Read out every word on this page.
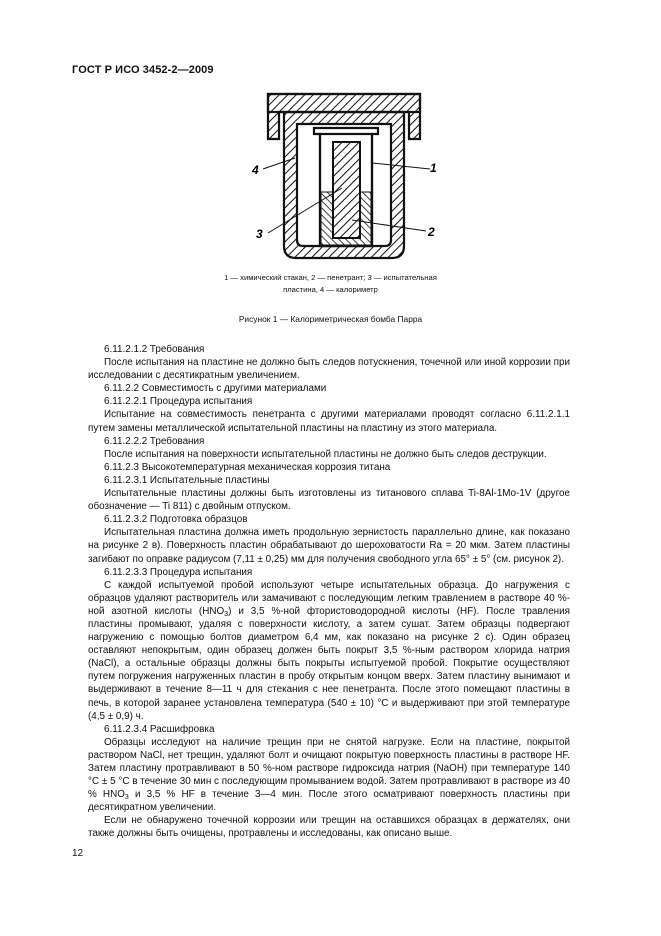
ГОСТ Р ИСО 3452-2—2009
4
3
1
2
1 — химический стакан, 2 — пенетрант; 3 — испытательная
пластина, 4 — калориметр
Рисунок 1 — Калориметрическая бомба Парра

6.11.2.1.2 Требования

После испытания на пластине не должно быть следов потускнения, точечной или иной коррозии при исследовании с десятикратным увеличением.

6.11.2.2 Совместимость с другими материалами

6.11.2.2.1 Процедура испытания

Испытание на совместимость пенетранта с другими материалами проводят согласно 6.11.2.1.1 путем замены металлической испытательной пластины на пластину из этого материала.

6.11.2.2.2 Требования

После испытания на поверхности испытательной пластины не должно быть следов деструкции.

6.11.2.3 Высокотемпературная механическая коррозия титана

6.11.2.3.1 Испытательные пластины

Испытательные пластины должны быть изготовлены из титанового сплава Ti-8Al-1Mo-1V (другое обозначение — Ti 811) с двойным отпуском.

6.11.2.3.2 Подготовка образцов

Испытательная пластина должна иметь продольную зернистость параллельно длине, как показано на рисунке 2 в). Поверхность пластин обрабатывают до шероховатости Ra = 20 мкм. Затем пластины загибают по оправке радиусом (7,11 ± 0,25) мм для получения свободного угла 65° ± 5° (см. рисунок 2).

6.11.2.3.3 Процедура испытания

С каждой испытуемой пробой используют четыре испытательных образца. До нагружения с образцов удаляют растворитель или замачивают с последующим легким травлением в растворе 40 %-ной азотной кислоты $(HNO_3)$ и 3,5 %-ной фтористоводородной кислоты (HF). После травления пластины промывают, удаляя с поверхности кислоту, а затем сушат. Затем образцы подвергают нагружению с помощью болтов диаметром 6,4 мм, как показано на рисунке 2 с). Один образец оставляют непокрытым, один образец должен быть покрыт 3,5 %-ным раствором хлорида натрия (NaCl), а остальные образцы должны быть покрыты испытуемой пробой. Покрытие осуществляют путем погружения нагруженных пластин в пробу открытым концом вверх. Затем пластину вынимают и выдерживают в течение 8—11 ч для стекания с нее пенетранта. После этого помещают пластины в печь, в которой заранее установлена температура (540 ± 10) °С и выдерживают при этой температуре (4,5 ± 0,9) ч.

6.11.2.3.4 Расшифровка

Образцы исследуют на наличие трещин при не снятой нагрузке. Если на пластине, покрытой раствором NaCl, нет трещин, удаляют болт и очищают покрытую поверхность пластины в растворе HF. Затем пластину протравливают в 50 %-ном растворе гидроксида натрия (NaOH) при температуре 140 °С ± 5 °С в течение 30 мин с последующим промыванием водой. Затем протравливают в растворе из 40 % $HNO_3$ и 3,5 % HF в течение 3—4 мин. После этого осматривают поверхность пластины при десятикратном увеличении.

Если не обнаружено точечной коррозии или трещин на оставшихся образцах в держателях, они также должны быть очищены, протравлены и исследованы, как описано выше.

12
